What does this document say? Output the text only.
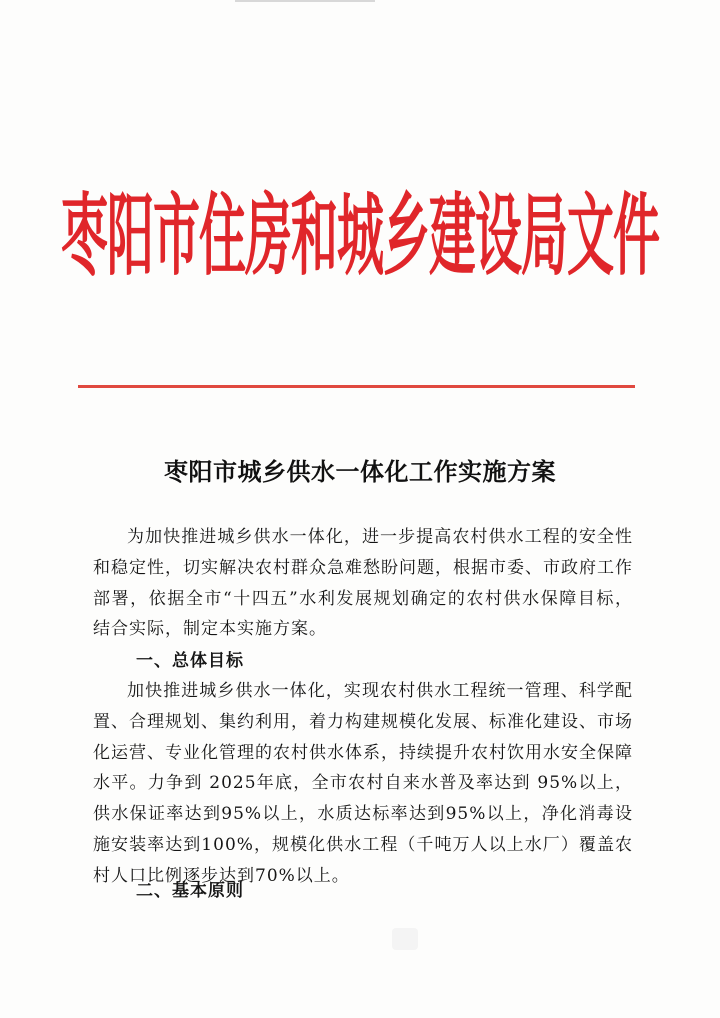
枣阳市住房和城乡建设局文件
枣阳市城乡供水一体化工作实施方案

为加快推进城乡供水一体化，进一步提高农村供水工程的安全性和稳定性，切实解决农村群众急难愁盼问题，根据市委、市政府工作部署，依据全市“十四五”水利发展规划确定的农村供水保障目标，结合实际，制定本实施方案。

一、总体目标

加快推进城乡供水一体化，实现农村供水工程统一管理、科学配置、合理规划、集约利用，着力构建规模化发展、标准化建设、市场化运营、专业化管理的农村供水体系，持续提升农村饮用水安全保障水平。力争到 2025年底，全市农村自来水普及率达到 95%以上，供水保证率达到95%以上，水质达标率达到95%以上，净化消毒设施安装率达到100%，规模化供水工程（千吨万人以上水厂）覆盖农村人口比例逐步达到70%以上。

二、基本原则
